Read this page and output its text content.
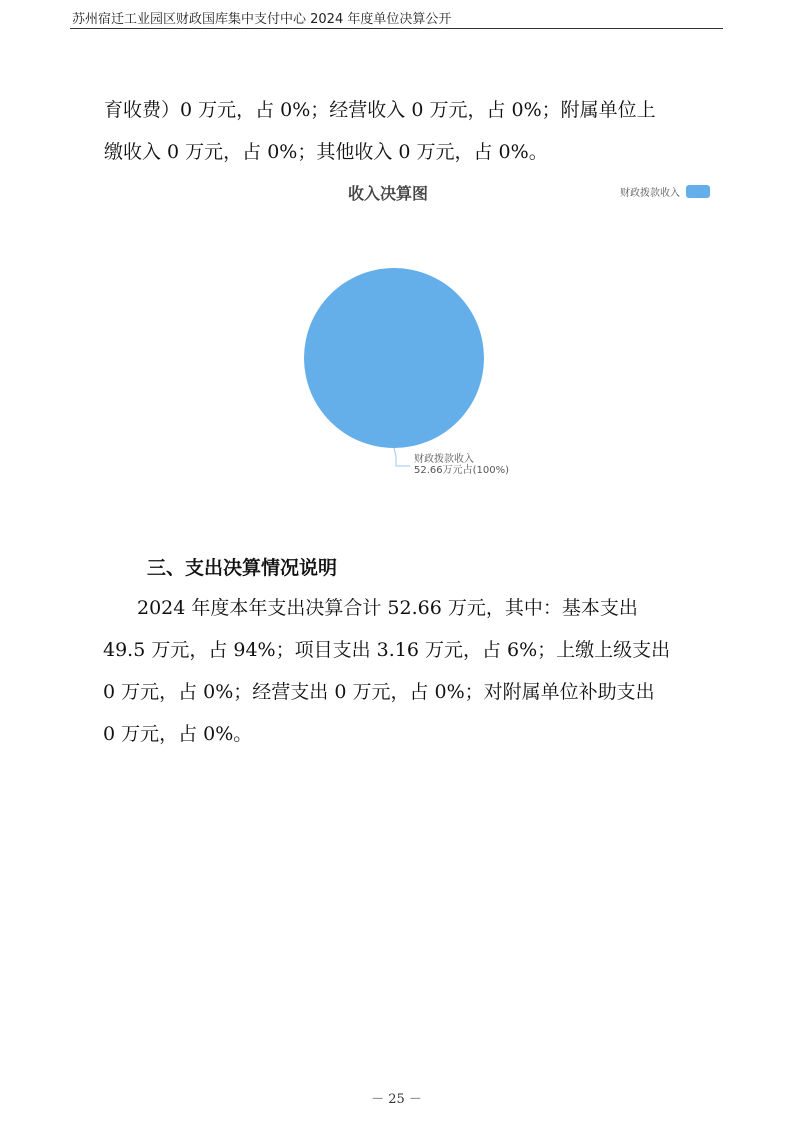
苏州宿迁工业园区财政国库集中支付中心 2024 年度单位决算公开

育收费）0 万元，占 0%；经营收入 0 万元，占 0%；附属单位上
缴收入 0 万元，占 0%；其他收入 0 万元，占 0%。

收入决算图	财政拨款收入
财政拨款收入
52.66万元占(100%)
三、支出决算情况说明

2024 年度本年支出决算合计 52.66 万元，其中：基本支出
49.5 万元，占 94%；项目支出 3.16 万元，占 6%；上缴上级支出
0 万元，占 0%；经营支出 0 万元，占 0%；对附属单位补助支出
0 万元，占 0%。

－ 25 －
